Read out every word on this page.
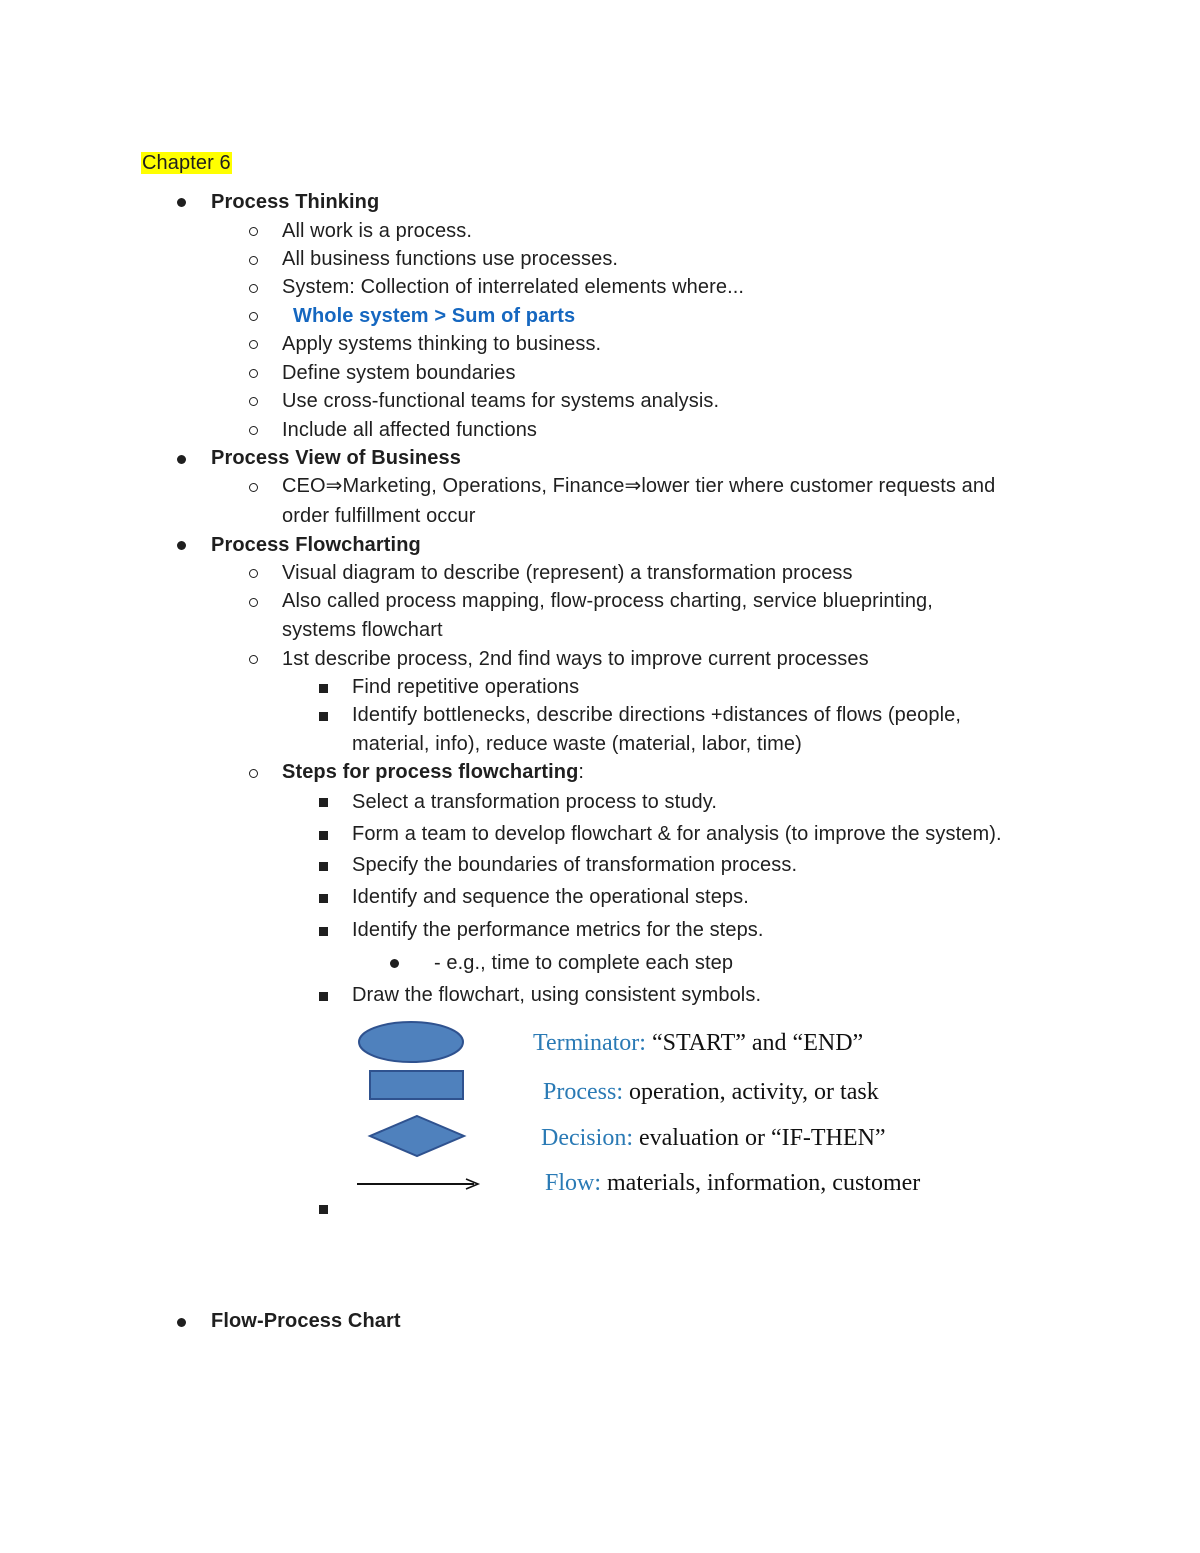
Chapter 6
Process Thinking
All work is a process.
All business functions use processes.
System: Collection of interrelated elements where...
Whole system > Sum of parts
Apply systems thinking to business.
Define system boundaries
Use cross-functional teams for systems analysis.
Include all affected functions
Process View of Business
CEO⇒Marketing, Operations, Finance⇒lower tier where customer requests and
order fulfillment occur
Process Flowcharting
Visual diagram to describe (represent) a transformation process
Also called process mapping, flow-process charting, service blueprinting,
systems flowchart
1st describe process, 2nd find ways to improve current processes
Find repetitive operations
Identify bottlenecks, describe directions +distances of flows (people,
material, info), reduce waste (material, labor, time)
Steps for process flowcharting:
Select a transformation process to study.
Form a team to develop flowchart & for analysis (to improve the system).
Specify the boundaries of transformation process.
Identify and sequence the operational steps.
Identify the performance metrics for the steps.
- e.g., time to complete each step
Draw the flowchart, using consistent symbols.
Terminator: “START” and “END”
Process: operation, activity, or task
Decision: evaluation or “IF-THEN”
Flow: materials, information, customer
Flow-Process Chart
